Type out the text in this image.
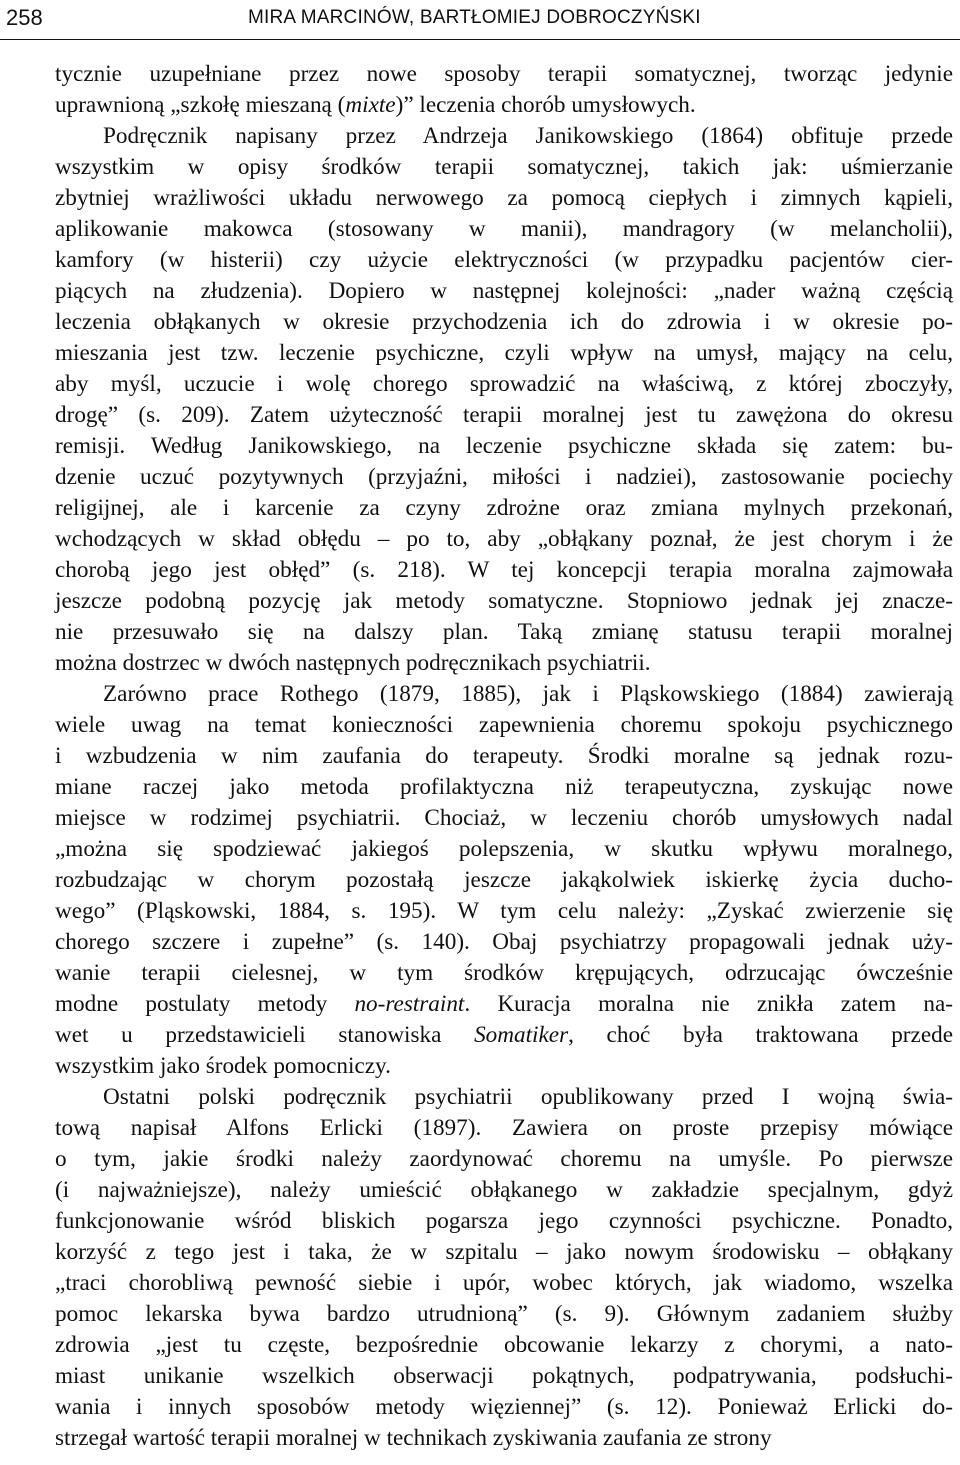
258	MIRA MARCINÓW, BARTŁOMIEJ DOBROCZYŃSKI
tycznie uzupełniane przez nowe sposoby terapii somatycznej, tworząc jedynie
uprawnioną „szkołę mieszaną (mixte)” leczenia chorób umysłowych.
Podręcznik napisany przez Andrzeja Janikowskiego (1864) obfituje przede
wszystkim w opisy środków terapii somatycznej, takich jak: uśmierzanie
zbytniej wrażliwości układu nerwowego za pomocą ciepłych i zimnych kąpieli,
aplikowanie makowca (stosowany w manii), mandragory (w melancholii),
kamfory (w histerii) czy użycie elektryczności (w przypadku pacjentów cier-
piących na złudzenia). Dopiero w następnej kolejności: „nader ważną częścią
leczenia obłąkanych w okresie przychodzenia ich do zdrowia i w okresie po-
mieszania jest tzw. leczenie psychiczne, czyli wpływ na umysł, mający na celu,
aby myśl, uczucie i wolę chorego sprowadzić na właściwą, z której zboczyły,
drogę” (s. 209). Zatem użyteczność terapii moralnej jest tu zawężona do okresu
remisji. Według Janikowskiego, na leczenie psychiczne składa się zatem: bu-
dzenie uczuć pozytywnych (przyjaźni, miłości i nadziei), zastosowanie pociechy
religijnej, ale i karcenie za czyny zdrożne oraz zmiana mylnych przekonań,
wchodzących w skład obłędu – po to, aby „obłąkany poznał, że jest chorym i że
chorobą jego jest obłęd” (s. 218). W tej koncepcji terapia moralna zajmowała
jeszcze podobną pozycję jak metody somatyczne. Stopniowo jednak jej znacze-
nie przesuwało się na dalszy plan. Taką zmianę statusu terapii moralnej
można dostrzec w dwóch następnych podręcznikach psychiatrii.
Zarówno prace Rothego (1879, 1885), jak i Pląskowskiego (1884) zawierają
wiele uwag na temat konieczności zapewnienia choremu spokoju psychicznego
i wzbudzenia w nim zaufania do terapeuty. Środki moralne są jednak rozu-
miane raczej jako metoda profilaktyczna niż terapeutyczna, zyskując nowe
miejsce w rodzimej psychiatrii. Chociaż, w leczeniu chorób umysłowych nadal
„można się spodziewać jakiegoś polepszenia, w skutku wpływu moralnego,
rozbudzając w chorym pozostałą jeszcze jakąkolwiek iskierkę życia ducho-
wego” (Pląskowski, 1884, s. 195). W tym celu należy: „Zyskać zwierzenie się
chorego szczere i zupełne” (s. 140). Obaj psychiatrzy propagowali jednak uży-
wanie terapii cielesnej, w tym środków krępujących, odrzucając ówcześnie
modne postulaty metody no-restraint. Kuracja moralna nie znikła zatem na-
wet u przedstawicieli stanowiska Somatiker, choć była traktowana przede
wszystkim jako środek pomocniczy.
Ostatni polski podręcznik psychiatrii opublikowany przed I wojną świa-
tową napisał Alfons Erlicki (1897). Zawiera on proste przepisy mówiące
o tym, jakie środki należy zaordynować choremu na umyśle. Po pierwsze
(i najważniejsze), należy umieścić obłąkanego w zakładzie specjalnym, gdyż
funkcjonowanie wśród bliskich pogarsza jego czynności psychiczne. Ponadto,
korzyść z tego jest i taka, że w szpitalu – jako nowym środowisku – obłąkany
„traci chorobliwą pewność siebie i upór, wobec których, jak wiadomo, wszelka
pomoc lekarska bywa bardzo utrudnioną” (s. 9). Głównym zadaniem służby
zdrowia „jest tu częste, bezpośrednie obcowanie lekarzy z chorymi, a nato-
miast unikanie wszelkich obserwacji pokątnych, podpatrywania, podsłuchi-
wania i innych sposobów metody więziennej” (s. 12). Ponieważ Erlicki do-
strzegał wartość terapii moralnej w technikach zyskiwania zaufania ze strony
